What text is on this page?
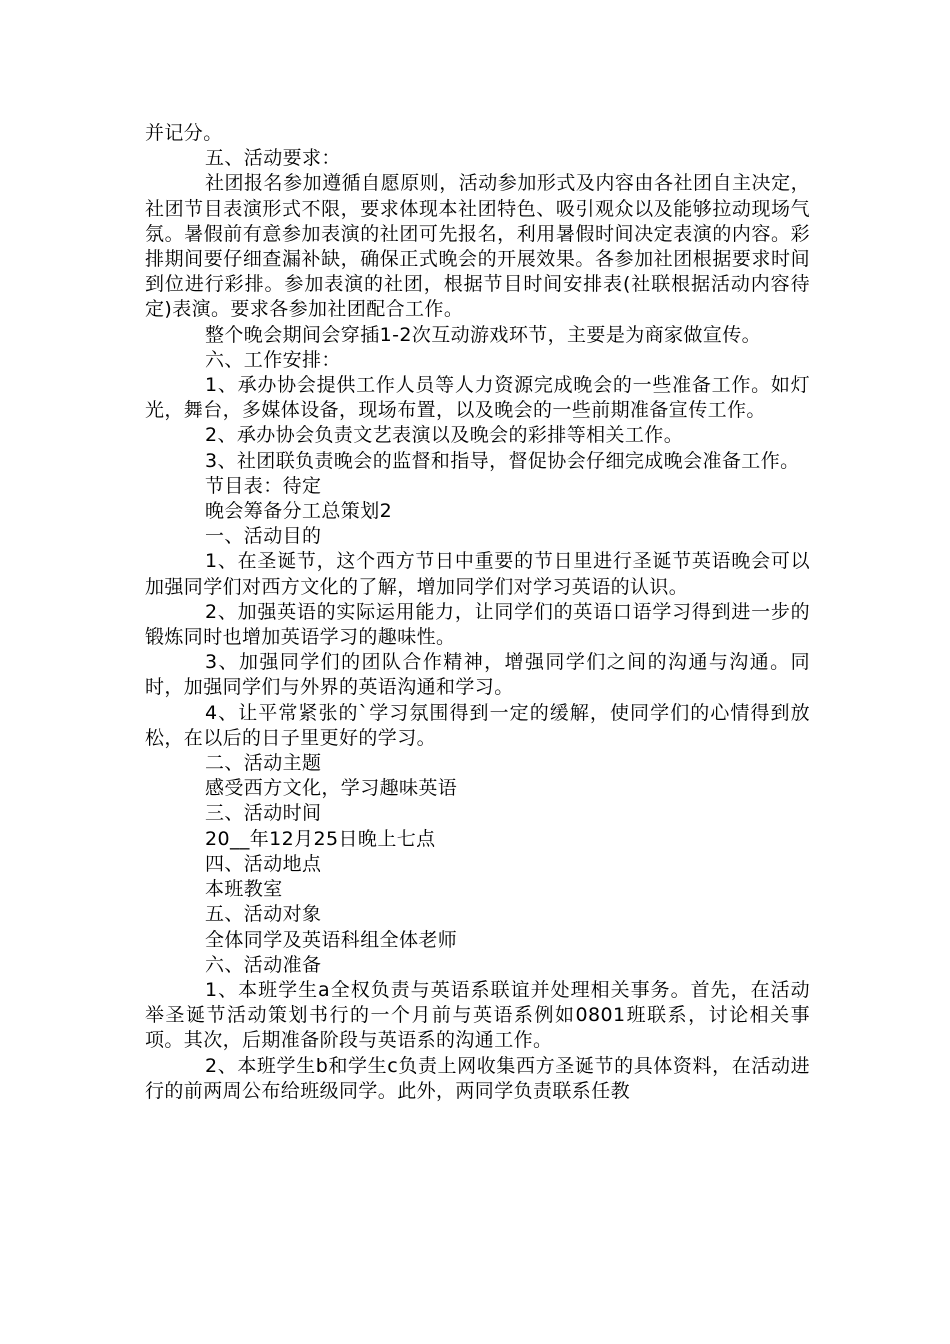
并记分。

五、活动要求：

社团报名参加遵循自愿原则，活动参加形式及内容由各社团自主决定，社团节目表演形式不限，要求体现本社团特色、吸引观众以及能够拉动现场气氛。暑假前有意参加表演的社团可先报名，利用暑假时间决定表演的内容。彩排期间要仔细查漏补缺，确保正式晚会的开展效果。各参加社团根据要求时间到位进行彩排。参加表演的社团，根据节目时间安排表(社联根据活动内容待定)表演。要求各参加社团配合工作。

整个晚会期间会穿插1-2次互动游戏环节，主要是为商家做宣传。

六、工作安排：

1、承办协会提供工作人员等人力资源完成晚会的一些准备工作。如灯光，舞台，多媒体设备，现场布置，以及晚会的一些前期准备宣传工作。

2、承办协会负责文艺表演以及晚会的彩排等相关工作。

3、社团联负责晚会的监督和指导，督促协会仔细完成晚会准备工作。

节目表：待定

晚会筹备分工总策划2

一、活动目的

1、在圣诞节，这个西方节日中重要的节日里进行圣诞节英语晚会可以加强同学们对西方文化的了解，增加同学们对学习英语的认识。

2、加强英语的实际运用能力，让同学们的英语口语学习得到进一步的锻炼同时也增加英语学习的趣味性。

3、加强同学们的团队合作精神，增强同学们之间的沟通与沟通。同时，加强同学们与外界的英语沟通和学习。

4、让平常紧张的`学习氛围得到一定的缓解，使同学们的心情得到放松，在以后的日子里更好的学习。

二、活动主题

感受西方文化，学习趣味英语

三、活动时间

20__年12月25日晚上七点

四、活动地点

本班教室

五、活动对象

全体同学及英语科组全体老师

六、活动准备

1、本班学生a全权负责与英语系联谊并处理相关事务。首先，在活动举圣诞节活动策划书行的一个月前与英语系例如0801班联系，讨论相关事项。其次，后期准备阶段与英语系的沟通工作。

2、本班学生b和学生c负责上网收集西方圣诞节的具体资料，在活动进行的前两周公布给班级同学。此外，两同学负责联系任教
